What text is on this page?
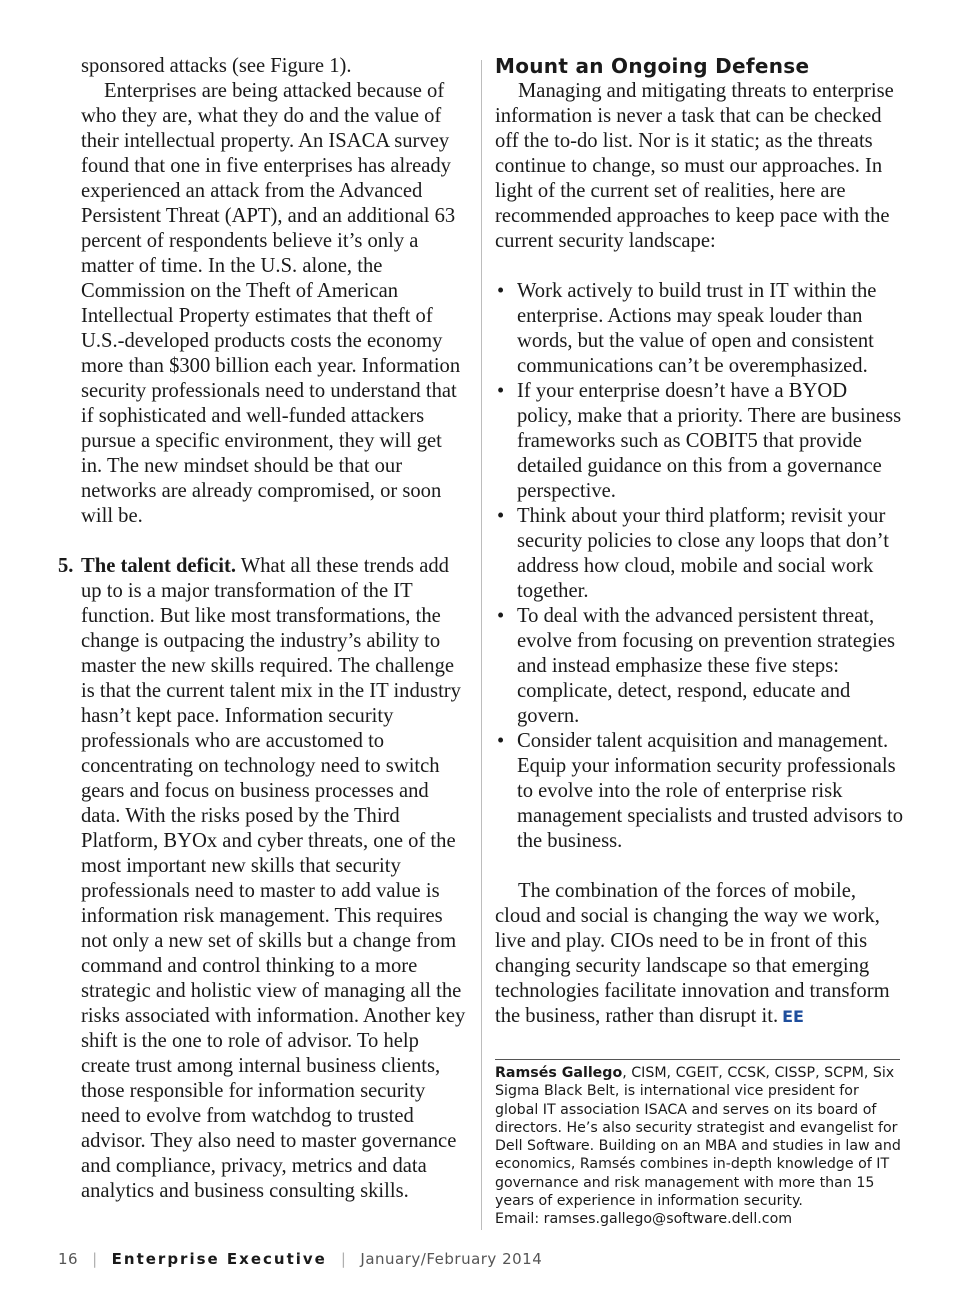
sponsored attacks (see Figure 1).

Enterprises are being attacked because of who they are, what they do and the value of their intellectual property. An ISACA survey found that one in five enterprises has already experienced an attack from the Advanced Persistent Threat (APT), and an additional 63 percent of respondents believe it’s only a matter of time. In the U.S. alone, the Commission on the Theft of American Intellectual Property estimates that theft of U.S.-developed products costs the economy more than $300 billion each year. Information security professionals need to understand that if sophisticated and well-funded attackers pursue a specific environment, they will get in. The new mindset should be that our networks are already compromised, or soon will be.

5. The talent deficit. What all these trends add up to is a major transformation of the IT function. But like most transformations, the change is outpacing the industry’s ability to master the new skills required. The challenge is that the current talent mix in the IT industry hasn’t kept pace. Information security professionals who are accustomed to concentrating on technology need to switch gears and focus on business processes and data. With the risks posed by the Third Platform, BYOx and cyber threats, one of the most important new skills that security professionals need to master to add value is information risk management. This requires not only a new set of skills but a change from command and control thinking to a more strategic and holistic view of managing all the risks associated with information. Another key shift is the one to role of advisor. To help create trust among internal business clients, those responsible for information security need to evolve from watchdog to trusted advisor. They also need to master governance and compliance, privacy, metrics and data analytics and business consulting skills.
Mount an Ongoing Defense

Managing and mitigating threats to enterprise information is never a task that can be checked off the to-do list. Nor is it static; as the threats continue to change, so must our approaches. In light of the current set of realities, here are recommended approaches to keep pace with the current security landscape:

• Work actively to build trust in IT within the enterprise. Actions may speak louder than words, but the value of open and consistent communications can’t be overemphasized.
• If your enterprise doesn’t have a BYOD policy, make that a priority. There are business frameworks such as COBIT5 that provide detailed guidance on this from a governance perspective.
• Think about your third platform; revisit your security policies to close any loops that don’t address how cloud, mobile and social work together.
• To deal with the advanced persistent threat, evolve from focusing on prevention strategies and instead emphasize these five steps: complicate, detect, respond, educate and govern.
• Consider talent acquisition and management. Equip your information security professionals to evolve into the role of enterprise risk management specialists and trusted advisors to the business.

The combination of the forces of mobile, cloud and social is changing the way we work, live and play. CIOs need to be in front of this changing security landscape so that emerging technologies facilitate innovation and transform the business, rather than disrupt it. EE

Ramsés Gallego, CISM, CGEIT, CCSK, CISSP, SCPM, Six Sigma Black Belt, is international vice president for global IT association ISACA and serves on its board of directors. He’s also security strategist and evangelist for Dell Software. Building on an MBA and studies in law and economics, Ramsés combines in-depth knowledge of IT governance and risk management with more than 15 years of experience in information security.
Email: ramses.gallego@software.dell.com
16 | Enterprise Executive | January/February 2014
